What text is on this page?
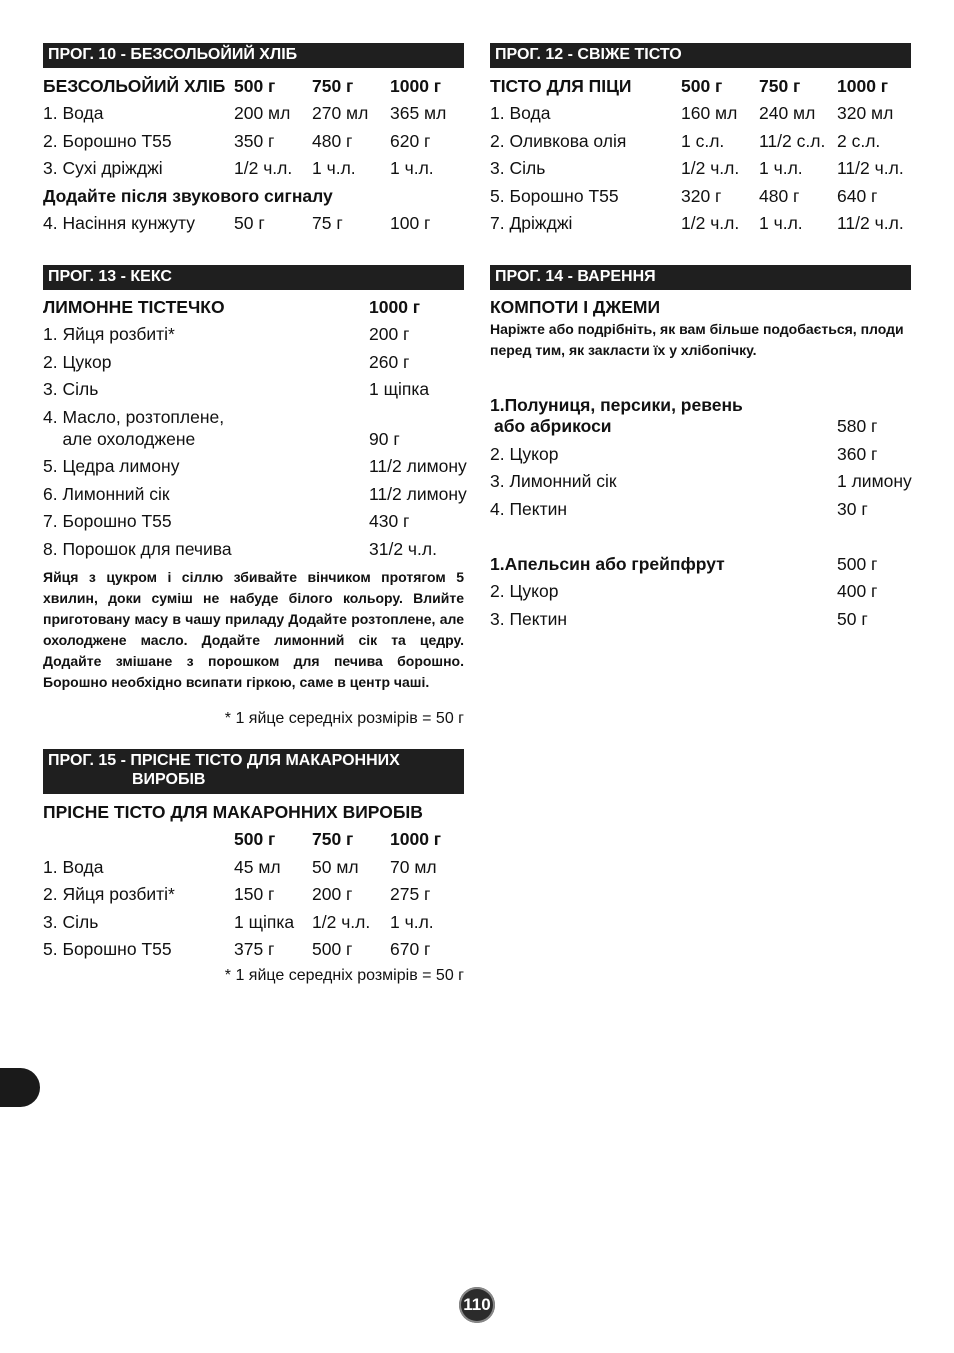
ПРОГ. 10 - БЕЗСОЛЬОЙИЙ ХЛІБ
БЕЗСОЛЬОЙИЙ ХЛІБ 500 г 750 г 1000 г
1. Вода	200 мл 270 мл 365 мл
2. Борошно Т55	350 г 480 г 620 г
3. Сухі дріжджі	1/2 ч.л. 1 ч.л. 1 ч.л.
Додайте після звукового сигналу
4. Насіння кунжуту 50 г	75 г	100 г
ПРОГ. 13 - КЕКС
ЛИМОННЕ ТІСТЕЧКО	1000 г
1. Яйця розбиті*	200 г
2. Цукор	260 г
3. Сіль	1 щіпка
4. Масло, розтоплене,
але охолоджене	90 г
5. Цедра лимону	11/2 лимону
6. Лимонний сік	11/2 лимону
7. Борошно Т55	430 г
8. Порошок для печива	31/2 ч.л.
Яйця з цукром і сіллю збивайте вінчиком протягом 5 хвилин, доки суміш не набуде білого кольору. Влийте приготовану масу в чашу приладу Додайте розтоплене, але охолоджене масло. Додайте лимонний сік та цедру. Додайте змішане з порошком для печива борошно. Борошно необхідно всипати гіркою, саме в центр чаші.
* 1 яйце середніх розмірів = 50 г
ПРОГ. 15 - ПРІСНЕ ТІСТО ДЛЯ МАКАРОННИХ
ВИРОБІВ
ПРІСНЕ ТІСТО ДЛЯ МАКАРОННИХ ВИРОБІВ
500 г 750 г 1000 г
1. Вода	45 мл 50 мл 70 мл
2. Яйця розбиті*	150 г 200 г 275 г
3. Сіль	1 щіпка 1/2 ч.л. 1 ч.л.
5. Борошно Т55	375 г 500 г 670 г
* 1 яйце середніх розмірів = 50 г
ПРОГ. 12 - СВІЖЕ ТІСТО
ТІСТО ДЛЯ ПІЦИ	500 г 750 г 1000 г
1. Вода	160 мл 240 мл 320 мл
2. Оливкова олія	1 с.л. 11/2 с.л. 2 с.л.
3. Сіль	1/2 ч.л. 1 ч.л. 11/2 ч.л.
5. Борошно Т55	320 г 480 г 640 г
7. Дріжджі	1/2 ч.л. 1 ч.л. 11/2 ч.л.
ПРОГ. 14 - ВАРЕННЯ
КОМПОТИ І ДЖЕМИ
Наріжте або подрібніть, як вам більше подобається, плоди перед тим, як закласти їх у хлібопічку.
1.Полуниця, персики, ревень
або абрикоси	580 г
2. Цукор	360 г
3. Лимонний сік	1 лимону
4. Пектин	30 г
1.Апельсин або грейпфрут	500 г
2. Цукор	400 г
3. Пектин	50 г
110
